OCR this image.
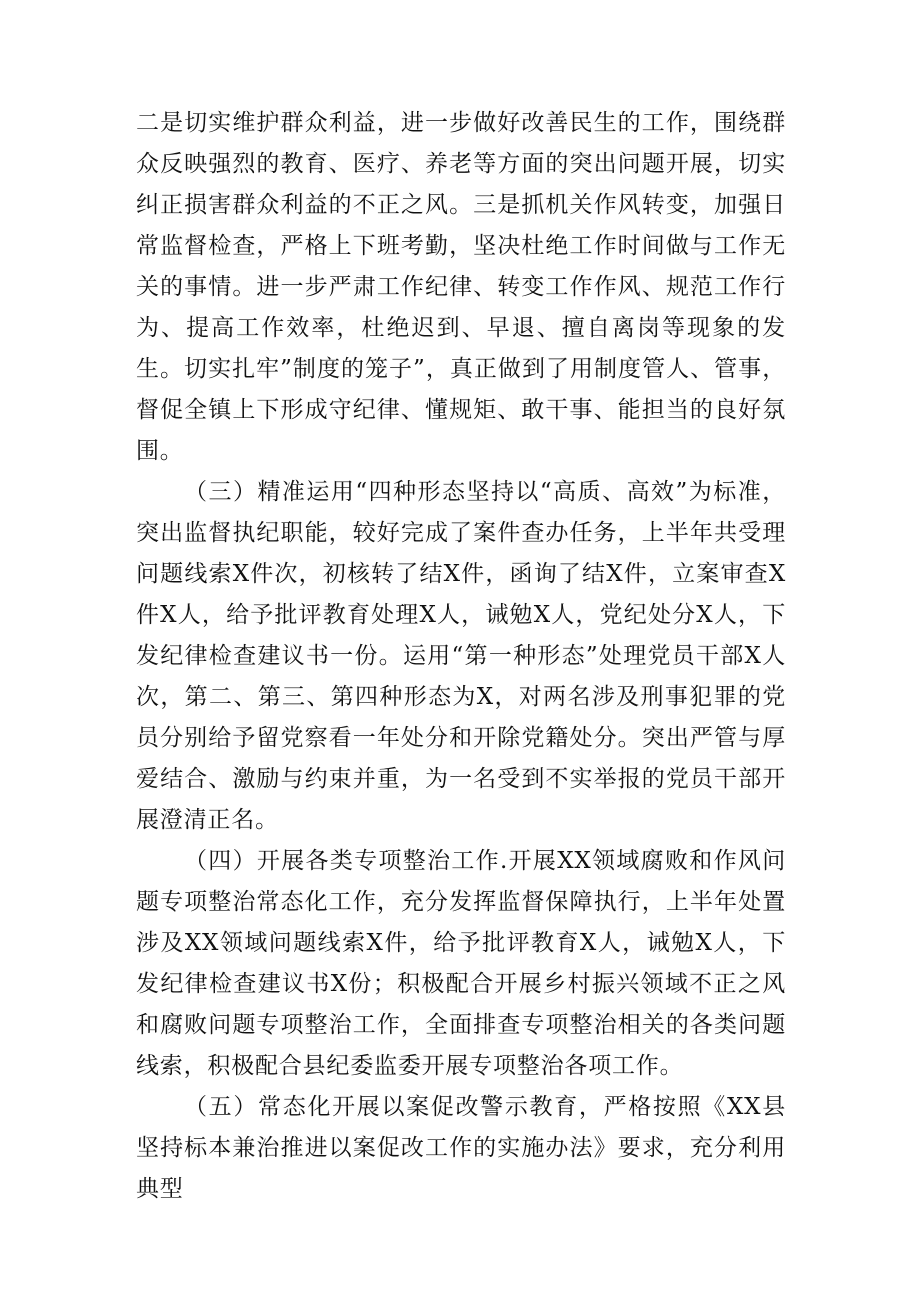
二是切实维护群众利益，进一步做好改善民生的工作，围绕群众反映强烈的教育、医疗、养老等方面的突出问题开展，切实纠正损害群众利益的不正之风。三是抓机关作风转变，加强日常监督检查，严格上下班考勤，坚决杜绝工作时间做与工作无关的事情。进一步严肃工作纪律、转变工作作风、规范工作行为、提高工作效率，杜绝迟到、早退、擅自离岗等现象的发生。切实扎牢”制度的笼子”，真正做到了用制度管人、管事，督促全镇上下形成守纪律、懂规矩、敢干事、能担当的良好氛围。

（三）精准运用“四种形态坚持以“高质、高效”为标准，突出监督执纪职能，较好完成了案件查办任务，上半年共受理问题线索X件次，初核转了结X件，函询了结X件，立案审查X件X人，给予批评教育处理X人，诫勉X人，党纪处分X人，下发纪律检查建议书一份。运用“第一种形态”处理党员干部X人次，第二、第三、第四种形态为X，对两名涉及刑事犯罪的党员分别给予留党察看一年处分和开除党籍处分。突出严管与厚爱结合、激励与约束并重，为一名受到不实举报的党员干部开展澄清正名。

（四）开展各类专项整治工作.开展XX领域腐败和作风问题专项整治常态化工作，充分发挥监督保障执行，上半年处置涉及XX领域问题线索X件，给予批评教育X人，诫勉X人，下发纪律检查建议书X份；积极配合开展乡村振兴领域不正之风和腐败问题专项整治工作，全面排查专项整治相关的各类问题线索，积极配合县纪委监委开展专项整治各项工作。

（五）常态化开展以案促改警示教育，严格按照《XX县坚持标本兼治推进以案促改工作的实施办法》要求，充分利用典型
